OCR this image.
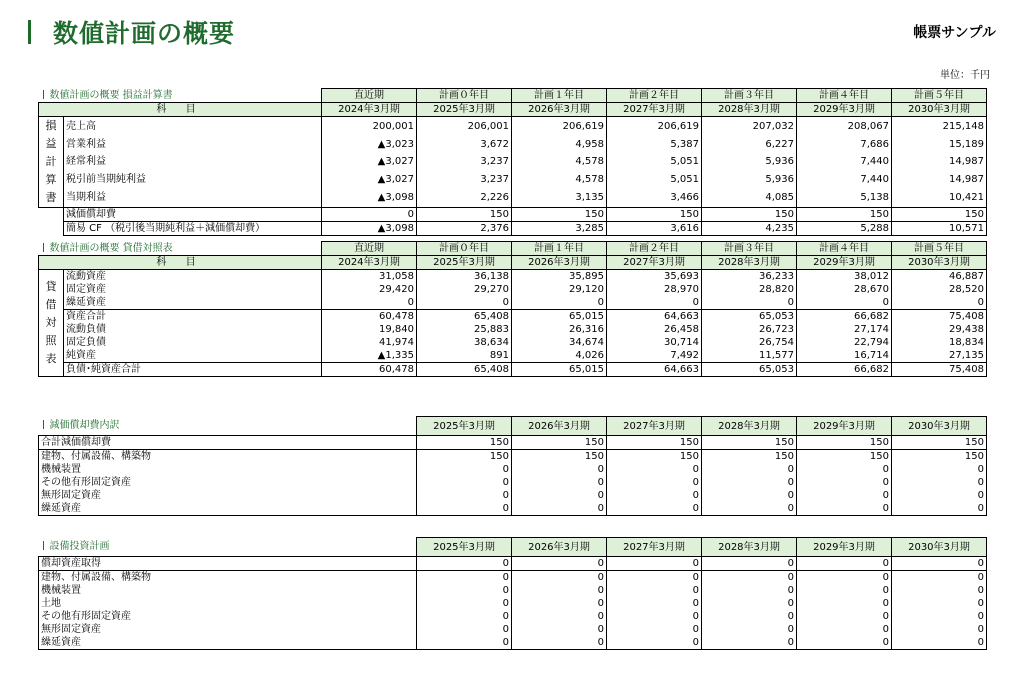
数値計画の概要	帳票サンプル
単位：千円
数値計画の概要 損益計算書		直近期	計画０年目	計画１年目	計画２年目	計画３年目	計画４年目	計画５年目
科 目		2024年3月期	2025年3月期	2026年3月期	2027年3月期	2028年3月期	2029年3月期	2030年3月期

損
益
計
算
書	売上高	200,001	206,001	206,619	206,619	207,032	208,067	215,148
	営業利益	▲3,023	3,672	4,958	5,387	6,227	7,686	15,189
	経常利益	▲3,027	3,237	4,578	5,051	5,936	7,440	14,987
	税引前当期純利益	▲3,027	3,237	4,578	5,051	5,936	7,440	14,987
	当期利益	▲3,098	2,226	3,135	3,466	4,085	5,138	10,421
	減価償却費	0	150	150	150	150	150	150
	簡易 CF （税引後当期純利益＋減価償却費）	▲3,098	2,376	3,285	3,616	4,235	5,288	10,571
数値計画の概要 貸借対照表		直近期	計画０年目	計画１年目	計画２年目	計画３年目	計画４年目	計画５年目
科 目		2024年3月期	2025年3月期	2026年3月期	2027年3月期	2028年3月期	2029年3月期	2030年3月期

貸
借
対
照
表	流動資産	31,058	36,138	35,895	35,693	36,233	38,012	46,887
	固定資産	29,420	29,270	29,120	28,970	28,820	28,670	28,520
	繰延資産	0	0	0	0	0	0	0
	資産合計	60,478	65,408	65,015	64,663	65,053	66,682	75,408
	流動負債	19,840	25,883	26,316	26,458	26,723	27,174	29,438
	固定負債	41,974	38,634	34,674	30,714	26,754	22,794	18,834
	純資産	▲1,335	891	4,026	7,492	11,577	16,714	27,135
	負債･純資産合計	60,478	65,408	65,015	64,663	65,053	66,682	75,408
減価償却費内訳	2025年3月期	2026年3月期	2027年3月期	2028年3月期	2029年3月期	2030年3月期
合計減価償却費	150	150	150	150	150	150
建物、付属設備、構築物	150	150	150	150	150	150
機械装置	0	0	0	0	0	0
その他有形固定資産	0	0	0	0	0	0
無形固定資産	0	0	0	0	0	0
繰延資産	0	0	0	0	0	0
設備投資計画	2025年3月期	2026年3月期	2027年3月期	2028年3月期	2029年3月期	2030年3月期
償却資産取得	0	0	0	0	0	0
建物、付属設備、構築物	0	0	0	0	0	0
機械装置	0	0	0	0	0	0
土地	0	0	0	0	0	0
その他有形固定資産	0	0	0	0	0	0
無形固定資産	0	0	0	0	0	0
繰延資産	0	0	0	0	0	0
